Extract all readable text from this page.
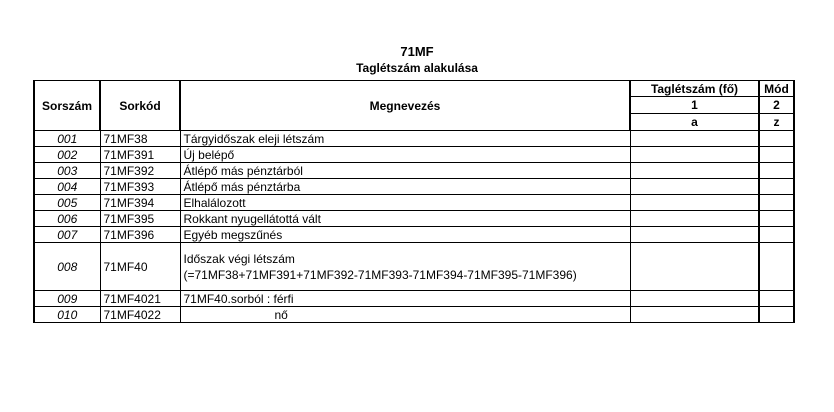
71MF
Taglétszám alakulása
Sorszám	Sorkód	Megnevezés	Taglétszám (fő)	Mód
			1	2
			a	z
001	71MF38	Tárgyidőszak eleji létszám		
002	71MF391	Új belépő		
003	71MF392	Átlépő más pénztárból		
004	71MF393	Átlépő más pénztárba		
005	71MF394	Elhalálozott		
006	71MF395	Rokkant nyugellátottá vált		
007	71MF396	Egyéb megszűnés		
008	71MF40	Időszak végi létszám
(=71MF38+71MF391+71MF392-71MF393-71MF394-71MF395-71MF396)		
009	71MF4021	71MF40.sorból : férfi		
010	71MF4022	nő		
